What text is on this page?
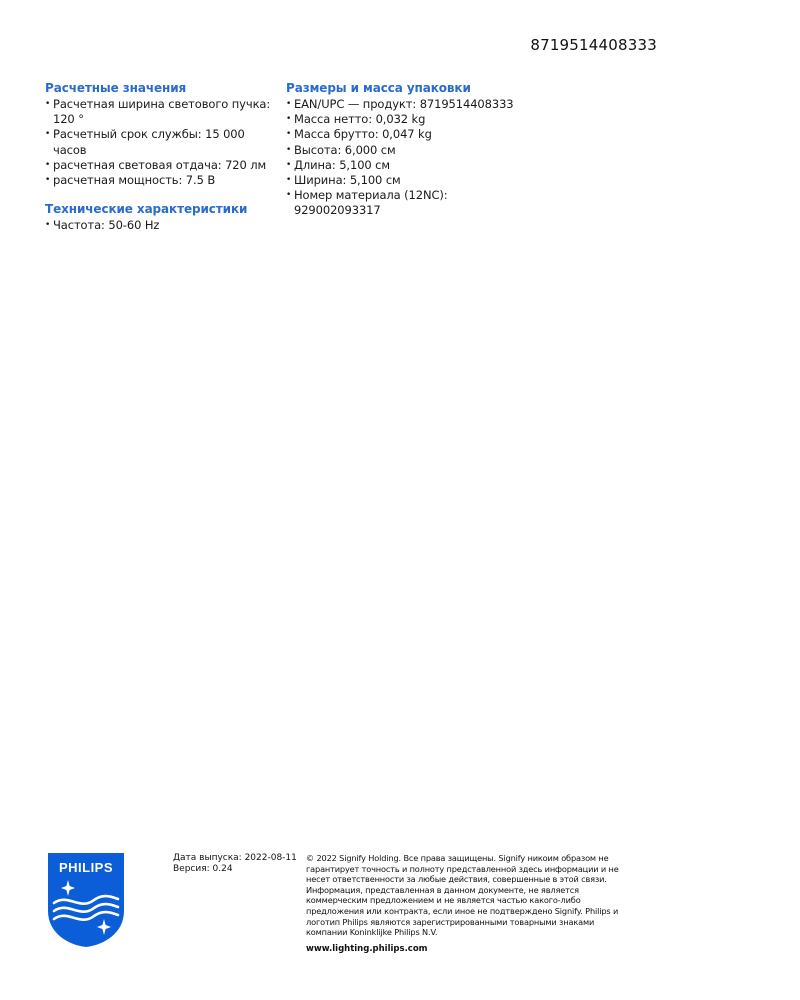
8719514408333
Расчетные значения
• Расчетная ширина светового пучка: 120 °
• Расчетный срок службы: 15 000 часов
• расчетная световая отдача: 720 лм
• расчетная мощность: 7.5 В
Технические характеристики
• Частота: 50-60 Hz
Размеры и масса упаковки
• EAN/UPC — продукт: 8719514408333
• Масса нетто: 0,032 kg
• Масса брутто: 0,047 kg
• Высота: 6,000 см
• Длина: 5,100 см
• Ширина: 5,100 см
• Номер материала (12NC): 929002093317
PHILIPS
Дата выпуска: 2022-08-11
Версия: 0.24
© 2022 Signify Holding. Все права защищены. Signify никоим образом не гарантирует точность и полноту представленной здесь информации и не несет ответственности за любые действия, совершенные в этой связи. Информация, представленная в данном документе, не является коммерческим предложением и не является частью какого-либо предложения или контракта, если иное не подтверждено Signify. Philips и логотип Philips являются зарегистрированными товарными знаками компании Koninklijke Philips N.V.
www.lighting.philips.com
